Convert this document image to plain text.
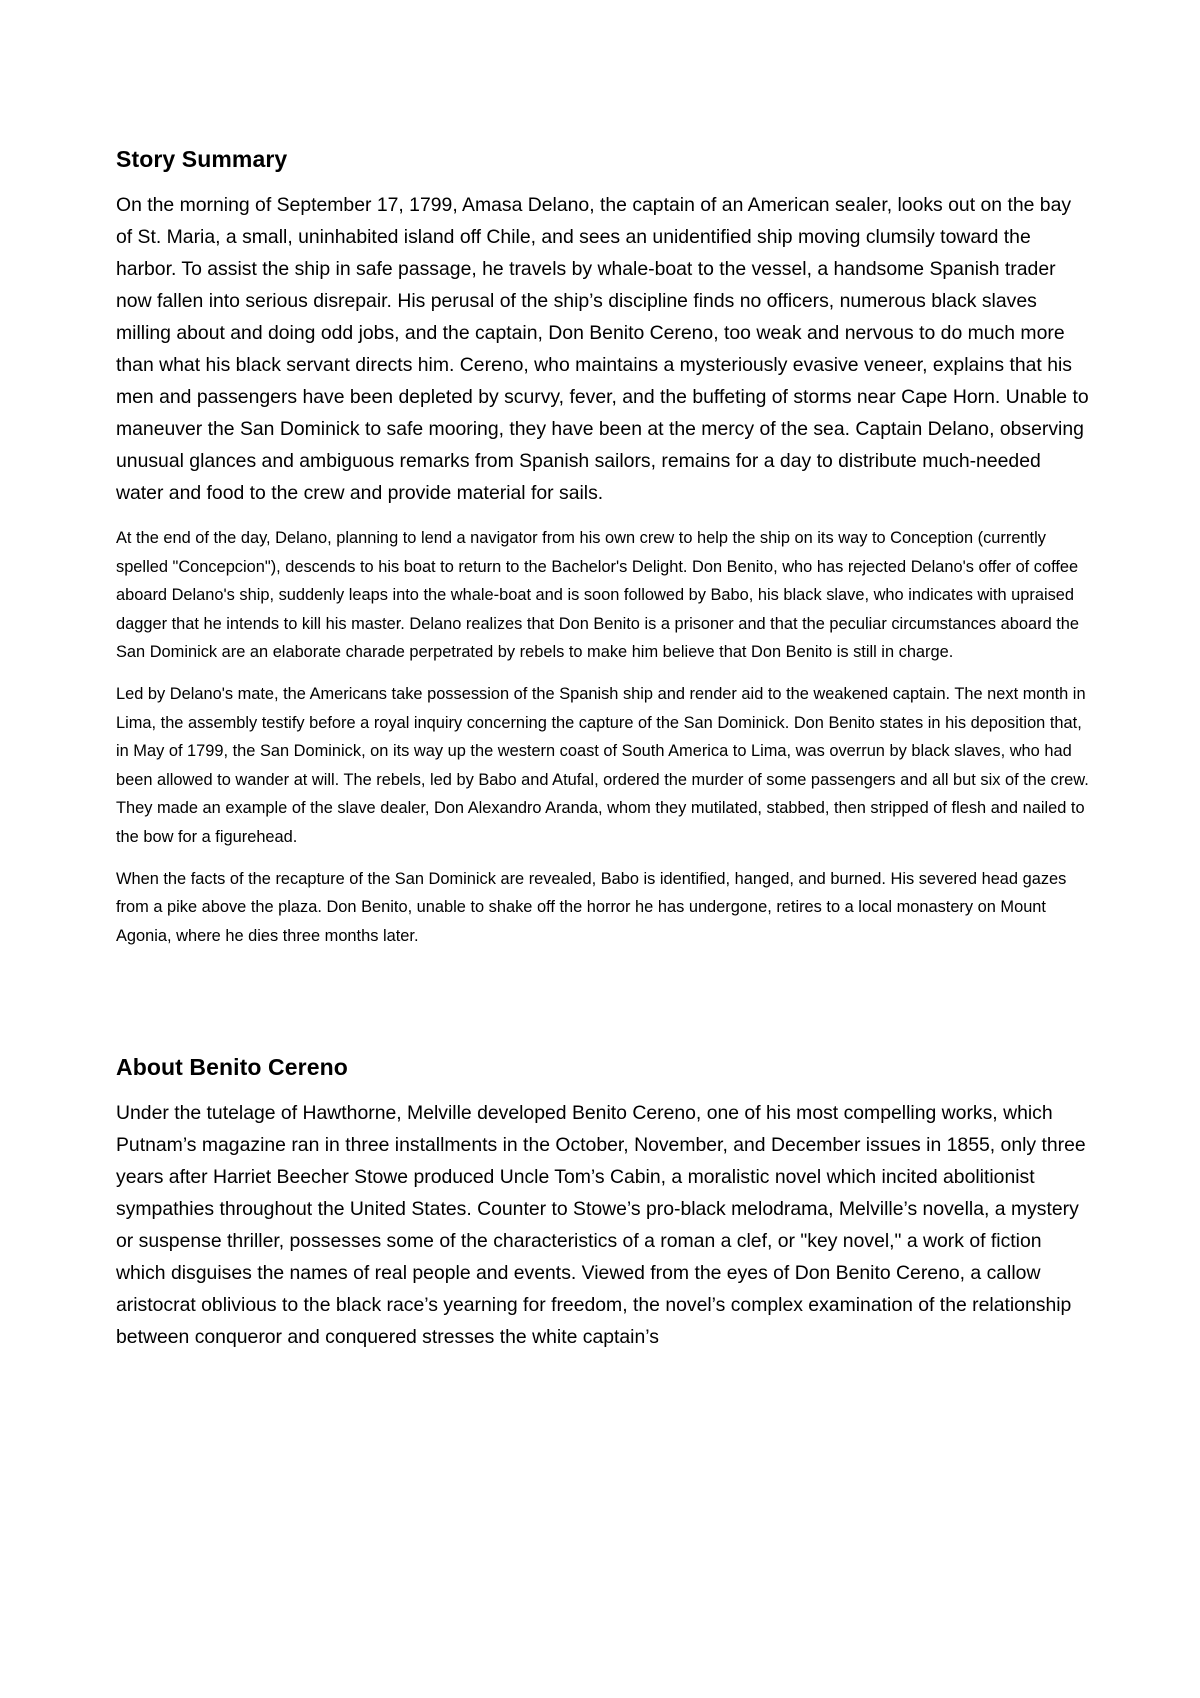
Story Summary

On the morning of September 17, 1799, Amasa Delano, the captain of an American sealer, looks out on the bay of St. Maria, a small, uninhabited island off Chile, and sees an unidentified ship moving clumsily toward the harbor. To assist the ship in safe passage, he travels by whale-boat to the vessel, a handsome Spanish trader now fallen into serious disrepair. His perusal of the ship’s discipline finds no officers, numerous black slaves milling about and doing odd jobs, and the captain, Don Benito Cereno, too weak and nervous to do much more than what his black servant directs him. Cereno, who maintains a mysteriously evasive veneer, explains that his men and passengers have been depleted by scurvy, fever, and the buffeting of storms near Cape Horn. Unable to maneuver the San Dominick to safe mooring, they have been at the mercy of the sea. Captain Delano, observing unusual glances and ambiguous remarks from Spanish sailors, remains for a day to distribute much-needed water and food to the crew and provide material for sails.

At the end of the day, Delano, planning to lend a navigator from his own crew to help the ship on its way to Conception (currently spelled "Concepcion"), descends to his boat to return to the Bachelor's Delight. Don Benito, who has rejected Delano's offer of coffee aboard Delano's ship, suddenly leaps into the whale-boat and is soon followed by Babo, his black slave, who indicates with upraised dagger that he intends to kill his master. Delano realizes that Don Benito is a prisoner and that the peculiar circumstances aboard the San Dominick are an elaborate charade perpetrated by rebels to make him believe that Don Benito is still in charge.

Led by Delano's mate, the Americans take possession of the Spanish ship and render aid to the weakened captain. The next month in Lima, the assembly testify before a royal inquiry concerning the capture of the San Dominick. Don Benito states in his deposition that, in May of 1799, the San Dominick, on its way up the western coast of South America to Lima, was overrun by black slaves, who had been allowed to wander at will. The rebels, led by Babo and Atufal, ordered the murder of some passengers and all but six of the crew. They made an example of the slave dealer, Don Alexandro Aranda, whom they mutilated, stabbed, then stripped of flesh and nailed to the bow for a figurehead.

When the facts of the recapture of the San Dominick are revealed, Babo is identified, hanged, and burned. His severed head gazes from a pike above the plaza. Don Benito, unable to shake off the horror he has undergone, retires to a local monastery on Mount Agonia, where he dies three months later.

About Benito Cereno

Under the tutelage of Hawthorne, Melville developed Benito Cereno, one of his most compelling works, which Putnam’s magazine ran in three installments in the October, November, and December issues in 1855, only three years after Harriet Beecher Stowe produced Uncle Tom’s Cabin, a moralistic novel which incited abolitionist sympathies throughout the United States. Counter to Stowe’s pro-black melodrama, Melville’s novella, a mystery or suspense thriller, possesses some of the characteristics of a roman a clef, or "key novel," a work of fiction which disguises the names of real people and events. Viewed from the eyes of Don Benito Cereno, a callow aristocrat oblivious to the black race’s yearning for freedom, the novel’s complex examination of the relationship between conqueror and conquered stresses the white captain’s
